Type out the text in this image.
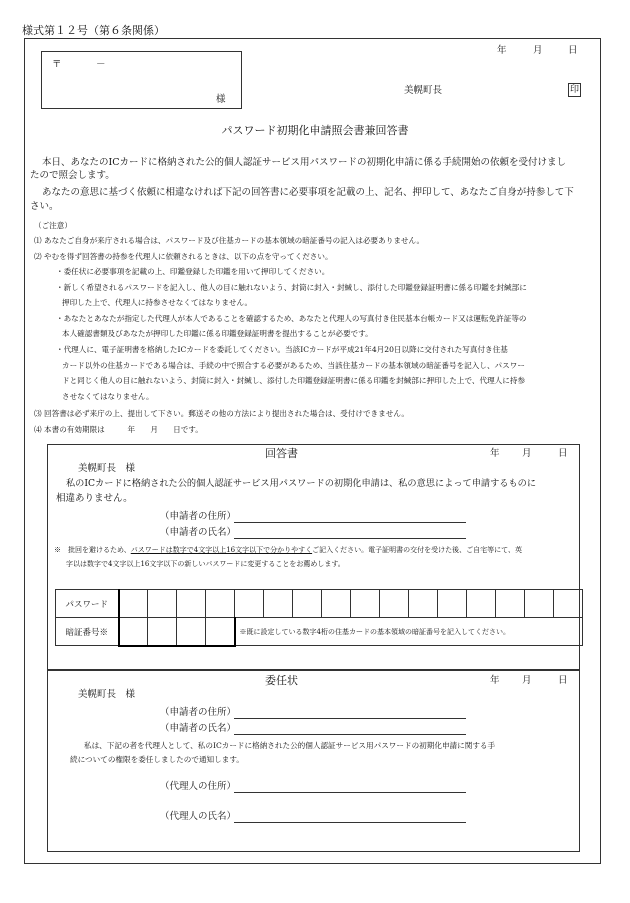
様式第１２号（第６条関係）
年	月	日
〒	－
様
美幌町長	印
パスワード初期化申請照会書兼回答書
本日、あなたのICカードに格納された公的個人認証サービス用パスワードの初期化申請に係る手続開始の依頼を受付けまし
たので照会します。
あなたの意思に基づく依頼に相違なければ下記の回答書に必要事項を記載の上、記名、押印して、あなたご自身が持参して下
さい。
（ご注意）
⑴ あなたご自身が来庁される場合は、パスワード及び住基カードの基本領域の暗証番号の記入は必要ありません。
⑵ やむを得ず回答書の持参を代理人に依頼されるときは、以下の点を守ってください。
・委任状に必要事項を記載の上、印鑑登録した印鑑を用いて押印してください。
・新しく希望されるパスワードを記入し、他人の目に触れないよう、封筒に封入・封緘し、添付した印鑑登録証明書に係る印鑑を封緘部に
押印した上で、代理人に持参させなくてはなりません。
・あなたとあなたが指定した代理人が本人であることを確認するため、あなたと代理人の写真付き住民基本台帳カード又は運転免許証等の
本人確認書類及びあなたが押印した印鑑に係る印鑑登録証明書を提出することが必要です。
・代理人に、電子証明書を格納したICカードを委託してください。当該ICカードが平成21年4月20日以降に交付された写真付き住基
カード以外の住基カードである場合は、手続の中で照合する必要があるため、当該住基カードの基本領域の暗証番号を記入し、パスワー
ドと同じく他人の目に触れないよう、封筒に封入・封緘し、添付した印鑑登録証明書に係る印鑑を封緘部に押印した上で、代理人に持参
させなくてはなりません。
⑶ 回答書は必ず来庁の上、提出して下さい。郵送その他の方法により提出された場合は、受付けできません。
⑷ 本書の有効期限は　　　年　　月　　日です。
回答書	年 月	日
美幌町長　様
私のICカードに格納された公的個人認証サービス用パスワードの初期化申請は、私の意思によって申請するものに
相違ありません。
（申請者の住所）
（申請者の氏名）
※　批回を避けるため、パスワードは数字で4文字以上16文字以下で分かりやすくご記入ください。電子証明書の交付を受けた後、ご自宅等にて、英
字以は数字で4文字以上16文字以下の新しいパスワードに変更することをお薦めします。
パスワード																
暗証番号※					※既に設定している数字4桁の住基カードの基本領域の暗証番号を記入してください。
委任状	年 月	日
美幌町長　様
（申請者の住所）
（申請者の氏名）
私は、下記の者を代理人として、私のICカードに格納された公的個人認証サービス用パスワードの初期化申請に関する手
続についての権限を委任しましたので通知します。
（代理人の住所）
（代理人の氏名）
